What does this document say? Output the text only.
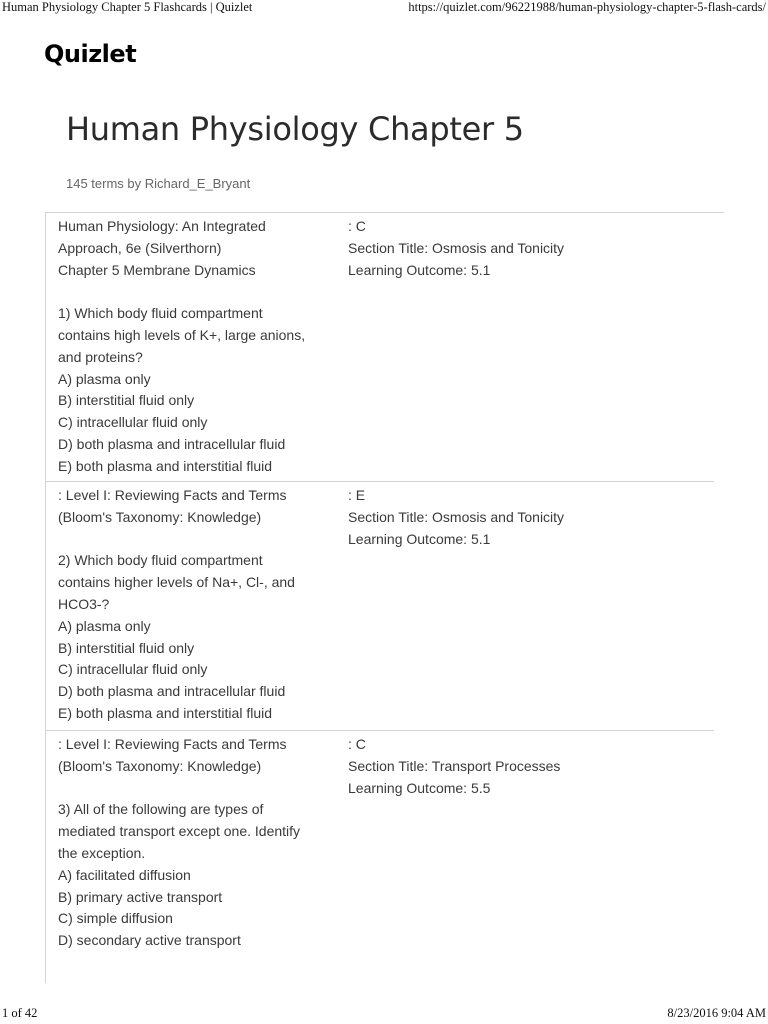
Human Physiology Chapter 5 Flashcards | Quizlet	https://quizlet.com/96221988/human-physiology-chapter-5-flash-cards/
Quizlet
Human Physiology Chapter 5
145 terms by Richard_E_Bryant
Human Physiology: An Integrated
Approach, 6e (Silverthorn)
Chapter 5 Membrane Dynamics
1) Which body fluid compartment
contains high levels of K+, large anions,
and proteins?
A) plasma only
B) interstitial fluid only
C) intracellular fluid only
D) both plasma and intracellular fluid
E) both plasma and interstitial fluid
: C
Section Title: Osmosis and Tonicity
Learning Outcome: 5.1
: Level I: Reviewing Facts and Terms
(Bloom's Taxonomy: Knowledge)
2) Which body fluid compartment
contains higher levels of Na+, Cl-, and
HCO3-?
A) plasma only
B) interstitial fluid only
C) intracellular fluid only
D) both plasma and intracellular fluid
E) both plasma and interstitial fluid
: E
Section Title: Osmosis and Tonicity
Learning Outcome: 5.1
: Level I: Reviewing Facts and Terms
(Bloom's Taxonomy: Knowledge)
3) All of the following are types of
mediated transport except one. Identify
the exception.
A) facilitated diffusion
B) primary active transport
C) simple diffusion
D) secondary active transport
: C
Section Title: Transport Processes
Learning Outcome: 5.5
1 of 42	8/23/2016 9:04 AM
